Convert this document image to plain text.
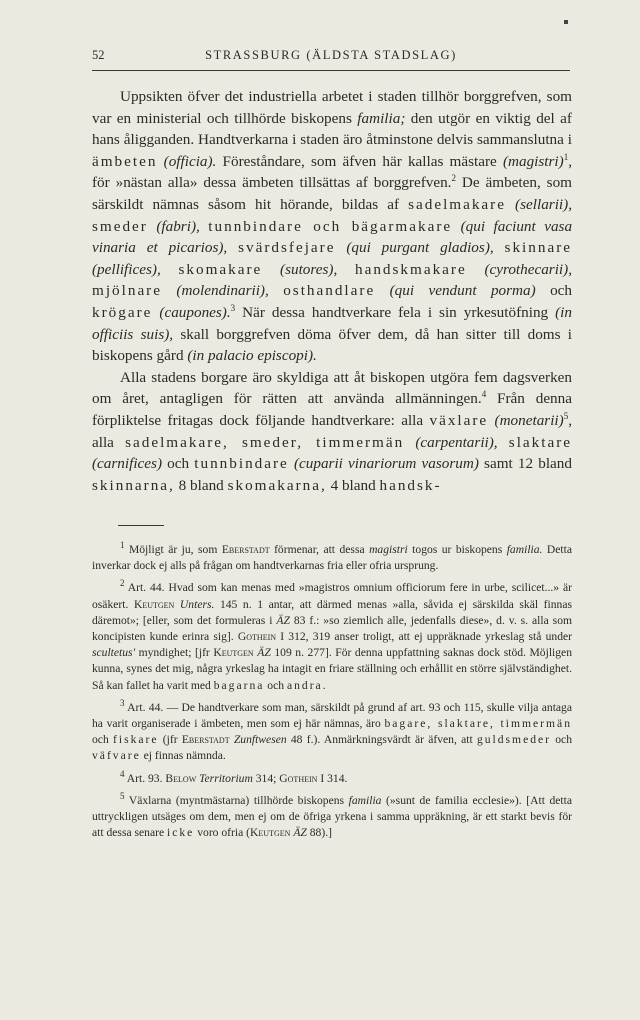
52	STRASSBURG (ÄLDSTA STADSLAG)

Uppsikten öfver det industriella arbetet i staden tillhör borggrefven, som var en ministerial och tillhörde biskopens familia; den utgör en viktig del af hans åligganden. Handtverkarna i staden äro åtminstone delvis sammanslutna i ämbeten (officia). Föreståndare, som äfven här kallas mästare (magistri)$^1$, för »nästan alla» dessa ämbeten tillsättas af borggrefven.$^2$ De ämbeten, som särskildt nämnas såsom hit hörande, bildas af sadelmakare (sellarii), smeder (fabri), tunnbindare och bägarmakare (qui faciunt vasa vinaria et picarios), svärdsfejare (qui purgant gladios), skinnare (pellifices), skomakare (sutores), handskmakare (cyrothecarii), mjölnare (molendinarii), osthandlare (qui vendunt porma) och krögare (caupones).$^3$ När dessa handtverkare fela i sin yrkesutöfning (in officiis suis), skall borggrefven döma öfver dem, då han sitter till doms i biskopens gård (in palacio episcopi).

Alla stadens borgare äro skyldiga att åt biskopen utgöra fem dagsverken om året, antagligen för rätten att använda allmänningen.$^4$ Från denna förpliktelse fritagas dock följande handtverkare: alla växlare (monetarii)$^5$, alla sadelmakare, smeder, timmermän (carpentarii), slaktare (carnifices) och tunnbindare (cuparii vinariorum vasorum) samt 12 bland skinnarna, 8 bland skomakarna, 4 bland handsk-

$^1$ Möjligt är ju, som Eberstadt förmenar, att dessa magistri togos ur biskopens familia. Detta inverkar dock ej alls på frågan om handtverkarnas fria eller ofria ursprung.

$^2$ Art. 44. Hvad som kan menas med »magistros omnium officiorum fere in urbe, scilicet...» är osäkert. Keutgen Unters. 145 n. 1 antar, att därmed menas »alla, såvida ej särskilda skäl finnas däremot»; [eller, som det formuleras i ÄZ 83 f.: »so ziemlich alle, jedenfalls diese», d. v. s. alla som koncipisten kunde erinra sig]. Gothein I 312, 319 anser troligt, att ej uppräknade yrkeslag stå under scultetus' myndighet; [jfr Keutgen ÄZ 109 n. 277]. För denna uppfattning saknas dock stöd. Möjligen kunna, synes det mig, några yrkeslag ha intagit en friare ställning och erhållit en större självständighet. Så kan fallet ha varit med bagarna och andra.

$^3$ Art. 44. — De handtverkare som man, särskildt på grund af art. 93 och 115, skulle vilja antaga ha varit organiserade i ämbeten, men som ej här nämnas, äro bagare, slaktare, timmermän och fiskare (jfr Eberstadt Zunftwesen 48 f.). Anmärkningsvärdt är äfven, att guldsmeder och väfvare ej finnas nämnda.

$^4$ Art. 93. Below Territorium 314; Gothein I 314.

$^5$ Växlarna (myntmästarna) tillhörde biskopens familia (»sunt de familia ecclesie»). [Att detta uttryckligen utsäges om dem, men ej om de öfriga yrkena i samma uppräkning, är ett starkt bevis för att dessa senare icke voro ofria (Keutgen ÄZ 88).]
